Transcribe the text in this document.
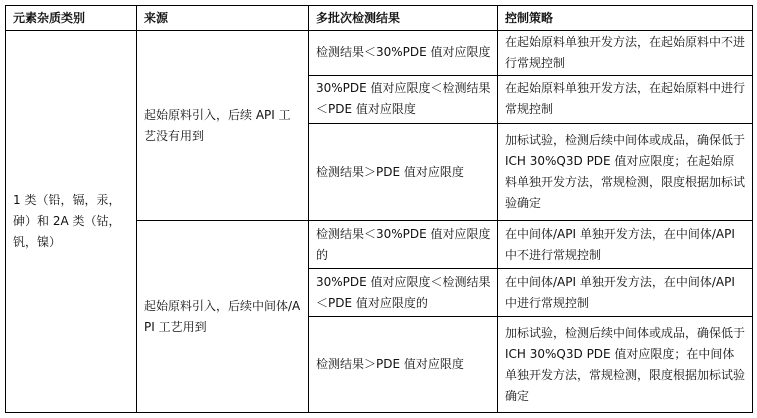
元素杂质类别	来源	多批次检测结果	控制策略
1 类（铅，镉，汞，砷）和 2A 类（钴，钒，镍）	起始原料引入，后续 API 工艺没有用到	检测结果＜30%PDE 值对应限度	在起始原料单独开发方法，在起始原料中不进行常规控制
		30%PDE 值对应限度＜检测结果＜PDE 值对应限度	在起始原料单独开发方法，在起始原料中进行常规控制
		检测结果＞PDE 值对应限度	加标试验，检测后续中间体或成品，确保低于 ICH 30%Q3D PDE 值对应限度；在起始原料单独开发方法，常规检测，限度根据加标试验确定
	起始原料引入，后续中间体/API 工艺用到	检测结果＜30%PDE 值对应限度的	在中间体/API 单独开发方法，在中间体/API 中不进行常规控制
		30%PDE 值对应限度＜检测结果＜PDE 值对应限度的	在中间体/API 单独开发方法，在中间体/API 中进行常规控制
		检测结果＞PDE 值对应限度	加标试验，检测后续中间体或成品，确保低于 ICH 30%Q3D PDE 值对应限度；在中间体单独开发方法，常规检测，限度根据加标试验确定
